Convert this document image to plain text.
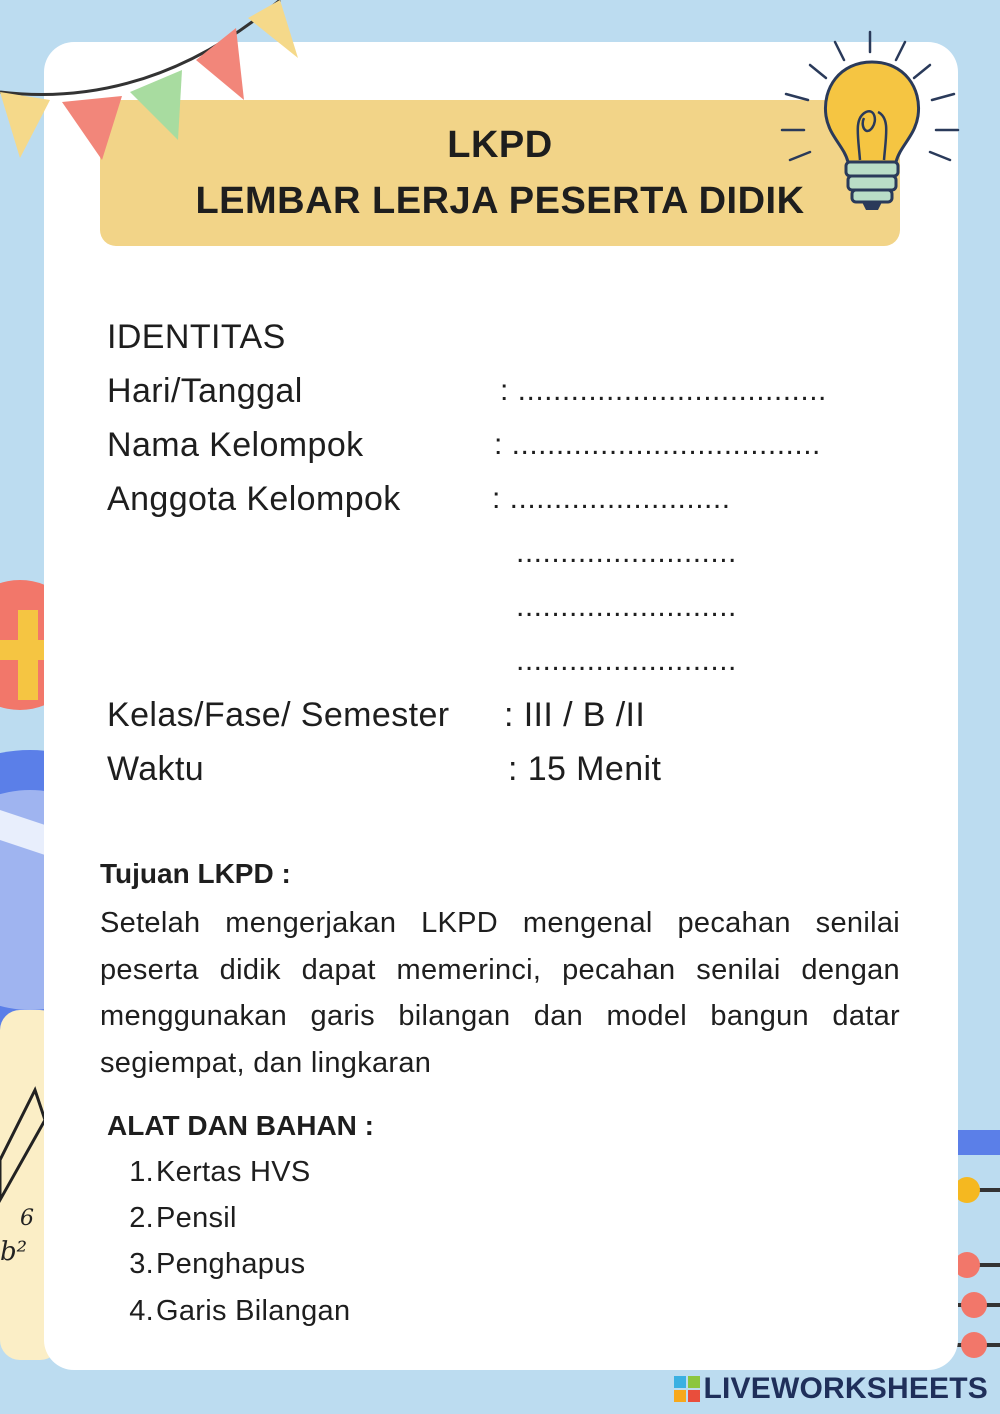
6
b²
LKPD
LEMBAR LERJA PESERTA DIDIK
IDENTITAS
Hari/Tanggal	: ...................................
Nama Kelompok	: ...................................
Anggota Kelompok	: .........................
.........................
.........................
.........................
Kelas/Fase/ Semester : III / B /II
Waktu	: 15 Menit
Tujuan LKPD :
Setelah mengerjakan LKPD mengenal pecahan senilai peserta didik dapat memerinci, pecahan senilai dengan menggunakan garis bilangan dan model bangun datar segiempat, dan lingkaran
ALAT DAN BAHAN :
1.Kertas HVS
2.Pensil
3.Penghapus
4.Garis Bilangan
LIVEWORKSHEETS
